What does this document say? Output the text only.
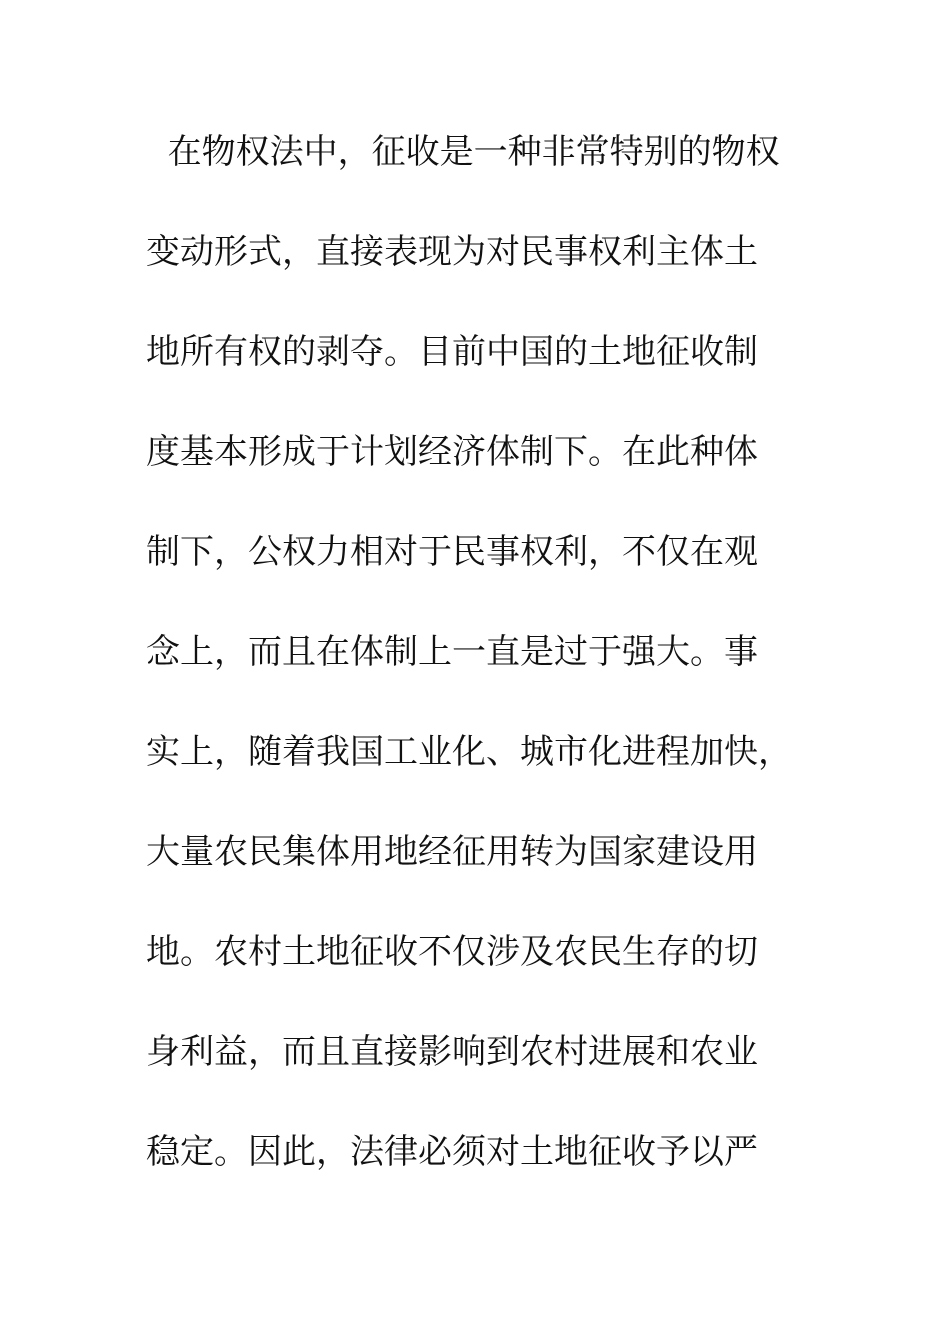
在物权法中，征收是一种非常特别的物权
变动形式，直接表现为对民事权利主体土
地所有权的剥夺。目前中国的土地征收制
度基本形成于计划经济体制下。在此种体
制下，公权力相对于民事权利，不仅在观
念上，而且在体制上一直是过于强大。事
实上，随着我国工业化、城市化进程加快，
大量农民集体用地经征用转为国家建设用
地。农村土地征收不仅涉及农民生存的切
身利益，而且直接影响到农村进展和农业
稳定。因此，法律必须对土地征收予以严
